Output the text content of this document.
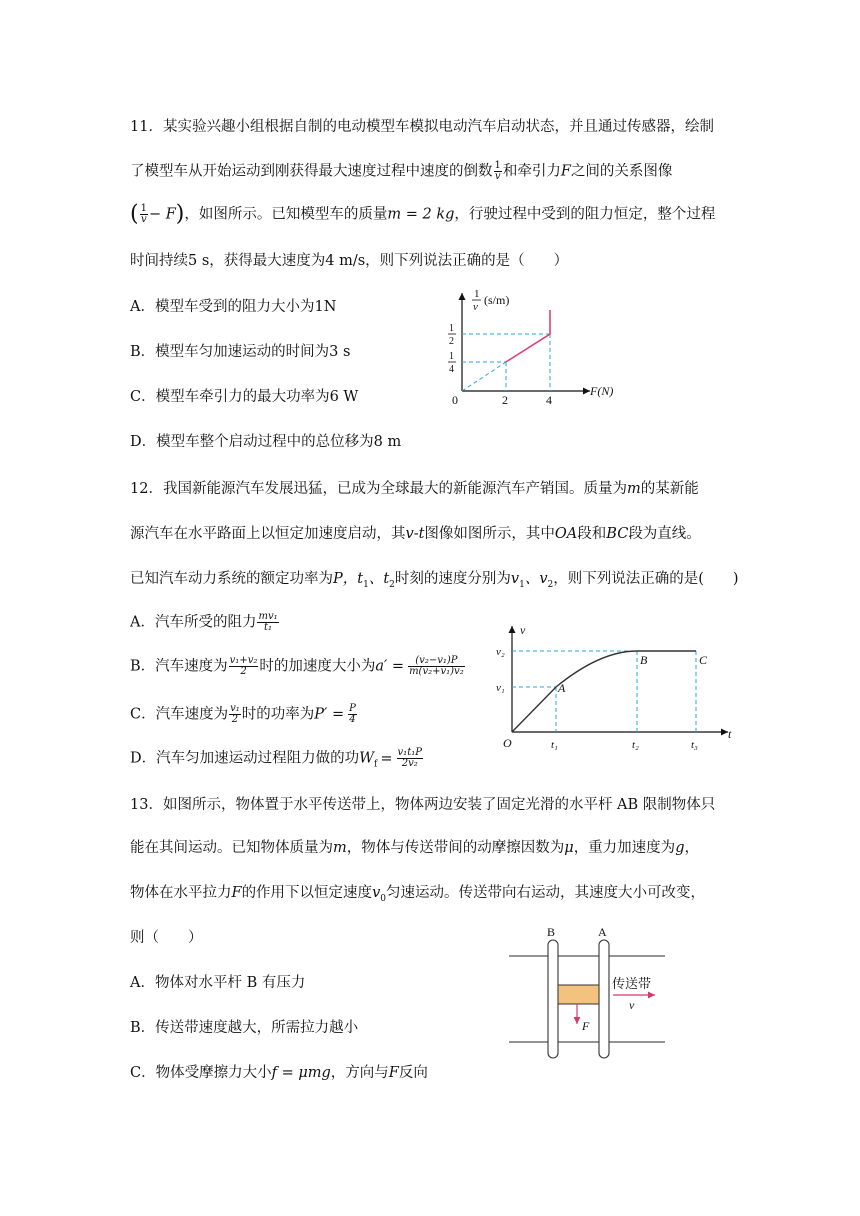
11．某实验兴趣小组根据自制的电动模型车模拟电动汽车启动状态，并且通过传感器，绘制
了模型车从开始运动到刚获得最大速度过程中速度的倒数 $\frac{1}{v}$ 和牵引力F之间的关系图像
( $\frac{1}{v} - F$)，如图所示。已知模型车的质量m = 2 kg，行驶过程中受到的阻力恒定，整个过程
时间持续5 s，获得最大速度为4 m/s，则下列说法正确的是（　　）
A．模型车受到的阻力大小为1N
B．模型车匀加速运动的时间为3 s
C．模型车牵引力的最大功率为6 W
D．模型车整个启动过程中的总位移为8 m
1
v (s/m)
1
2
1
4
0	2	4
F(N)
12．我国新能源汽车发展迅猛，已成为全球最大的新能源汽车产销国。质量为m的某新能
源汽车在水平路面上以恒定加速度启动，其v-t图像如图所示，其中OA段和BC段为直线。
已知汽车动力系统的额定功率为P，$t_1$、$t_2$时刻的速度分别为$v_1$、$v_2$，则下列说法正确的是(　　)
A．汽车所受的阻力 $\frac{\text{mv₁}}{\text{t₁}}$
B．汽车速度为 $\frac{\text{v₁+v₂}}{2}$ 时的加速度大小为$a' = \frac{\text{(v₂−v₁)P}}{\text{m(v₂+v₁)v₂}}$
C．汽车速度为 $\frac{\text{v₁}}{2}$ 时的功率为$P' = \frac{P}{4}$
D．汽车匀加速运动过程阻力做的功$W_f = \frac{\text{v₁t₁P}}{\text{2v₂}}$
v
v₂
v₁	A
B	C
O	t₁	t₂	t₃
t
13．如图所示，物体置于水平传送带上，物体两边安装了固定光滑的水平杆 AB 限制物体只
能在其间运动。已知物体质量为m，物体与传送带间的动摩擦因数为μ，重力加速度为g，
物体在水平拉力F的作用下以恒定速度$v_0$匀速运动。传送带向右运动，其速度大小可改变，
则（　　）
A．物体对水平杆 B 有压力
B．传送带速度越大，所需拉力越小
C．物体受摩擦力大小f = μmg，方向与F反向
F
B	A
传送带
v
